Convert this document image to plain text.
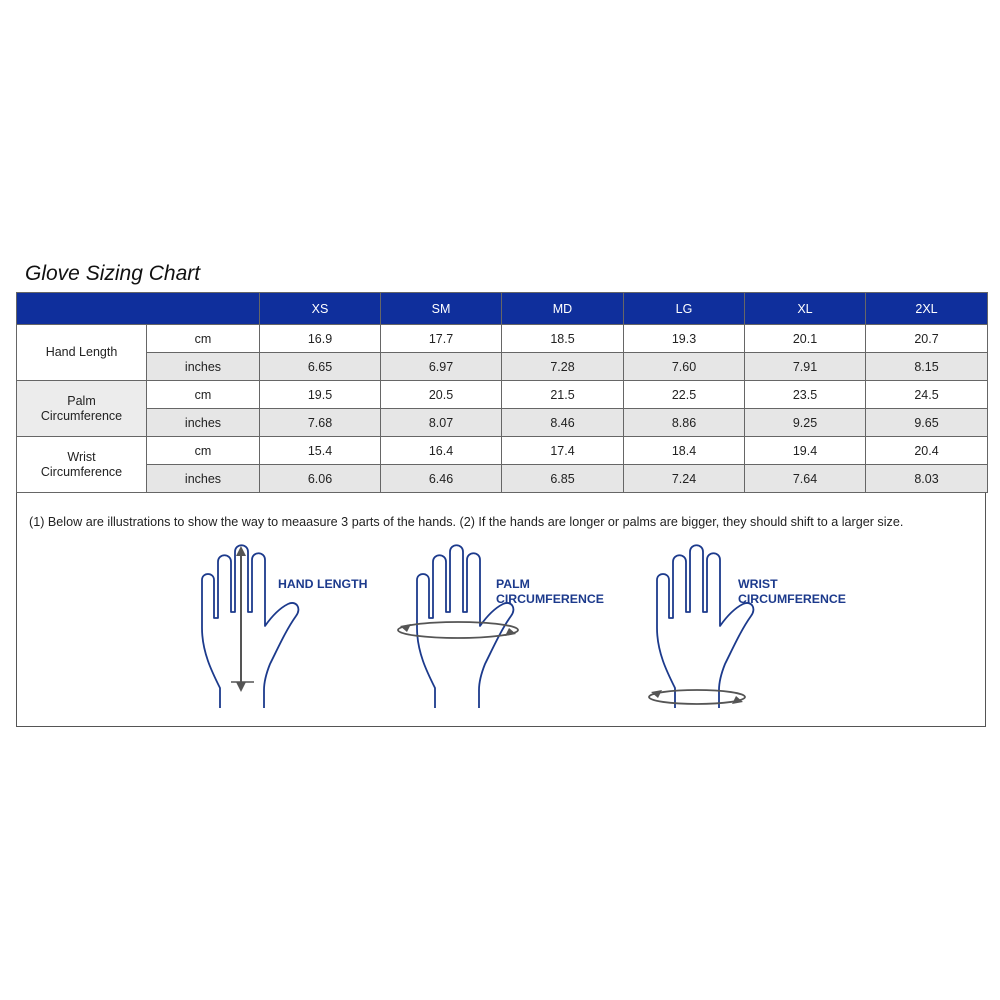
Glove Sizing Chart
		XS	SM	MD	LG	XL	2XL
Hand Length	cm	16.9	17.7	18.5	19.3	20.1	20.7
	inches	6.65	6.97	7.28	7.60	7.91	8.15
Palm Circumference	cm	19.5	20.5	21.5	22.5	23.5	24.5
	inches	7.68	8.07	8.46	8.86	9.25	9.65
Wrist Circumference	cm	15.4	16.4	17.4	18.4	19.4	20.4
	inches	6.06	6.46	6.85	7.24	7.64	8.03
(1) Below are illustrations to show the way to meaasure 3 parts of the hands. (2) If the hands are longer or palms are bigger, they should shift to a larger size.
HAND LENGTH	PALM
CIRCUMFERENCE
WRIST
CIRCUMFERENCE
